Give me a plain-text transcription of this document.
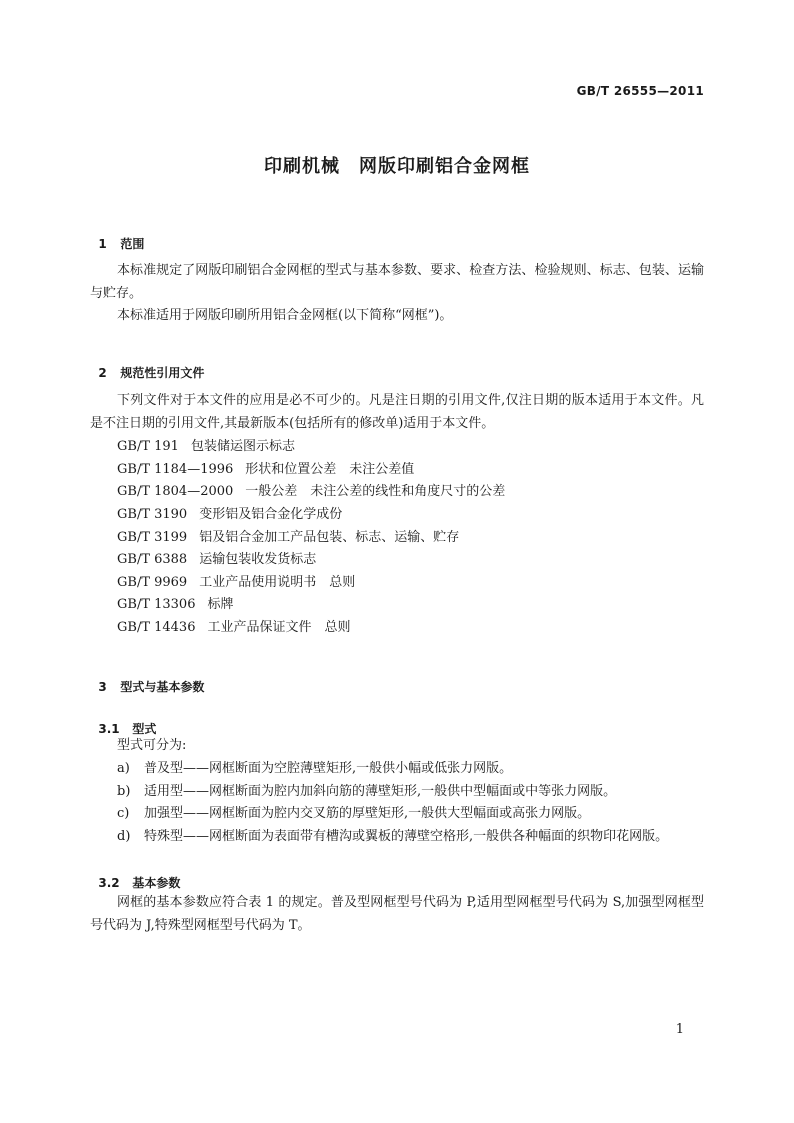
GB/T 26555—2011
印刷机械　网版印刷铝合金网框

1 范围

本标准规定了网版印刷铝合金网框的型式与基本参数、要求、检查方法、检验规则、标志、包装、运输与贮存。
本标准适用于网版印刷所用铝合金网框(以下简称“网框”)。

2 规范性引用文件

下列文件对于本文件的应用是必不可少的。凡是注日期的引用文件,仅注日期的版本适用于本文件。凡是不注日期的引用文件,其最新版本(包括所有的修改单)适用于本文件。
GB/T 191 包装储运图示标志
GB/T 1184—1996 形状和位置公差　未注公差值
GB/T 1804—2000 一般公差　未注公差的线性和角度尺寸的公差
GB/T 3190 变形铝及铝合金化学成份
GB/T 3199 铝及铝合金加工产品包装、标志、运输、贮存
GB/T 6388 运输包装收发货标志
GB/T 9969 工业产品使用说明书　总则
GB/T 13306 标牌
GB/T 14436 工业产品保证文件　总则

3 型式与基本参数

3.1 型式

型式可分为:
a) 普及型——网框断面为空腔薄壁矩形,一般供小幅或低张力网版。
b) 适用型——网框断面为腔内加斜向筋的薄壁矩形,一般供中型幅面或中等张力网版。
c) 加强型——网框断面为腔内交叉筋的厚壁矩形,一般供大型幅面或高张力网版。
d) 特殊型——网框断面为表面带有槽沟或翼板的薄壁空格形,一般供各种幅面的织物印花网版。

3.2 基本参数

网框的基本参数应符合表 1 的规定。普及型网框型号代码为 P,适用型网框型号代码为 S,加强型网框型号代码为 J,特殊型网框型号代码为 T。
1
